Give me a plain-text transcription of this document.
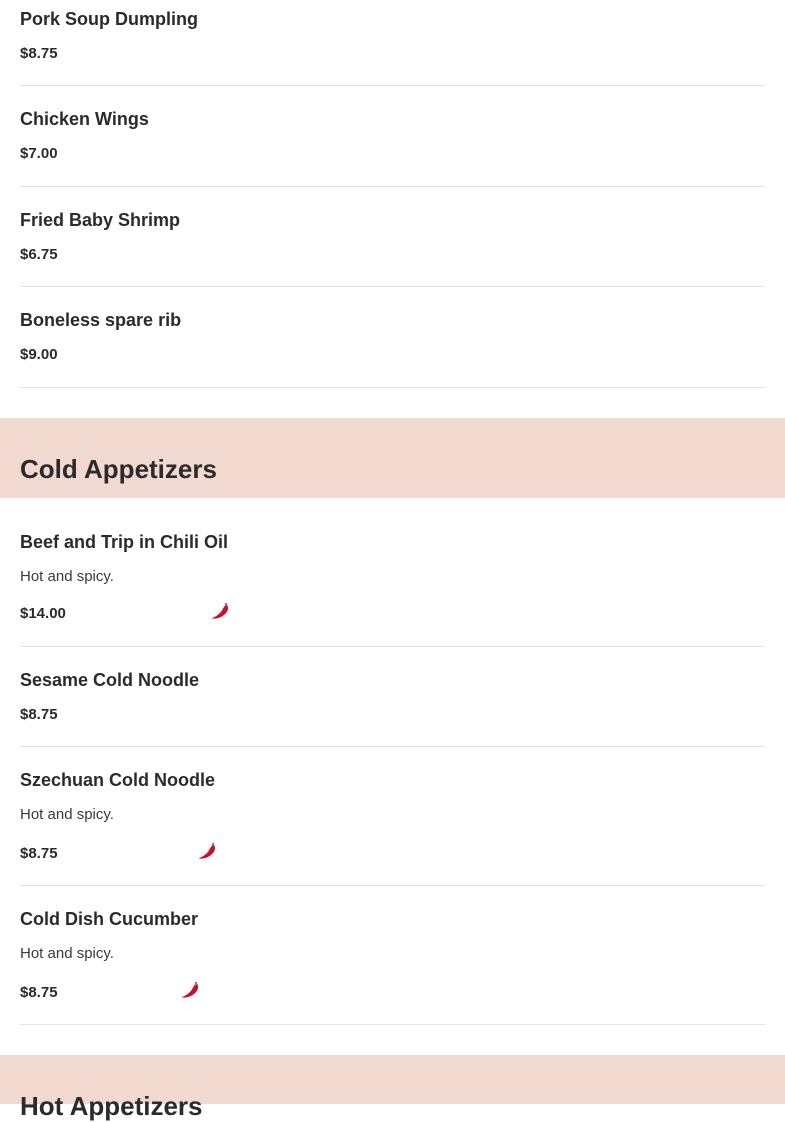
Pork Soup Dumpling
$8.75
Chicken Wings
$7.00
Fried Baby Shrimp
$6.75
Boneless spare rib
$9.00
Cold Appetizers
Beef and Trip in Chili Oil
Hot and spicy.
$14.00
Sesame Cold Noodle
$8.75
Szechuan Cold Noodle
Hot and spicy.
$8.75
Cold Dish Cucumber
Hot and spicy.
$8.75
Hot Appetizers
